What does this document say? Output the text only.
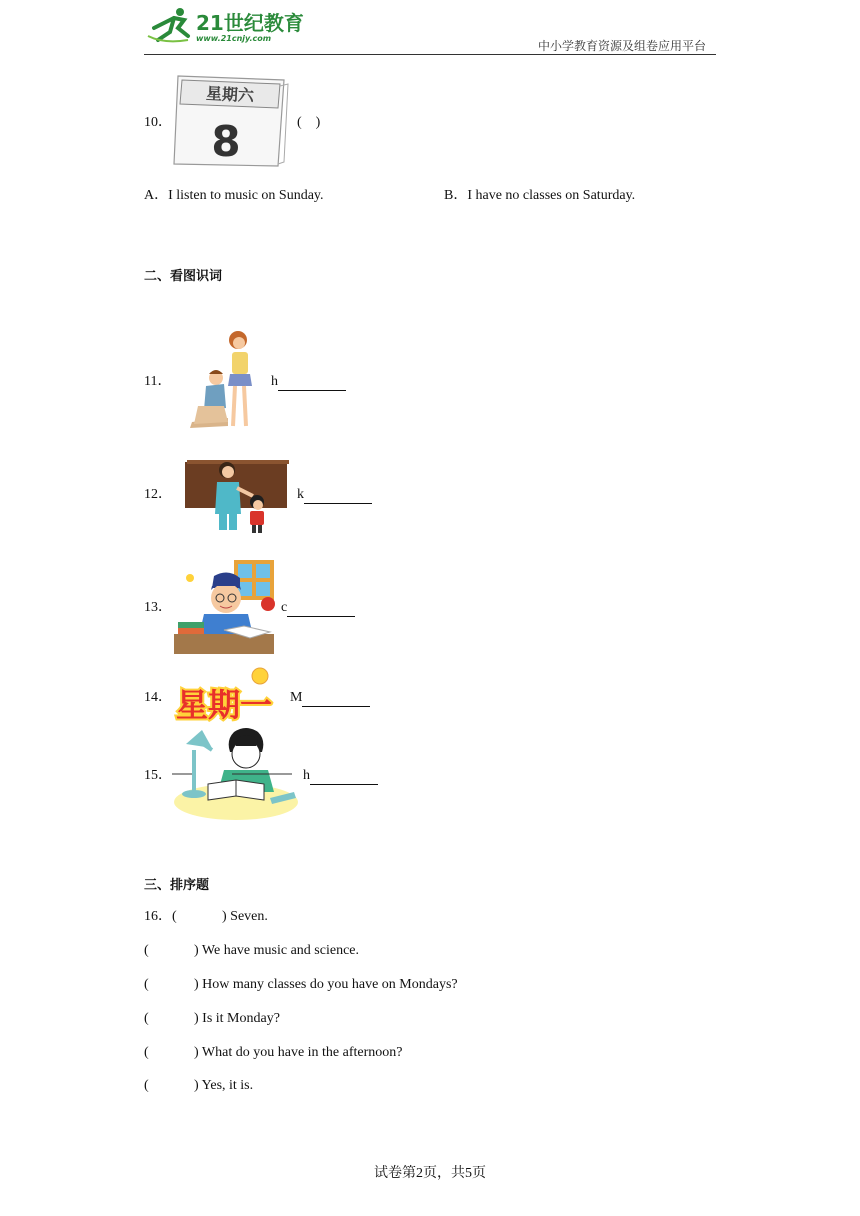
21世纪教育
www.21cnjy.com
中小学教育资源及组卷应用平台
10．
星期六
8	(　)
A．I listen to music on Sunday.	B．I have no classes on Saturday.
二、看图识词
11．	h
12．	k
13．	c
14． 星期一 M
15．	h
三、排序题
16．(	) Seven.
(	) We have music and science.
(	) How many classes do you have on Mondays?
(	) Is it Monday?
(	) What do you have in the afternoon?
(	) Yes, it is.
试卷第2页，共5页
